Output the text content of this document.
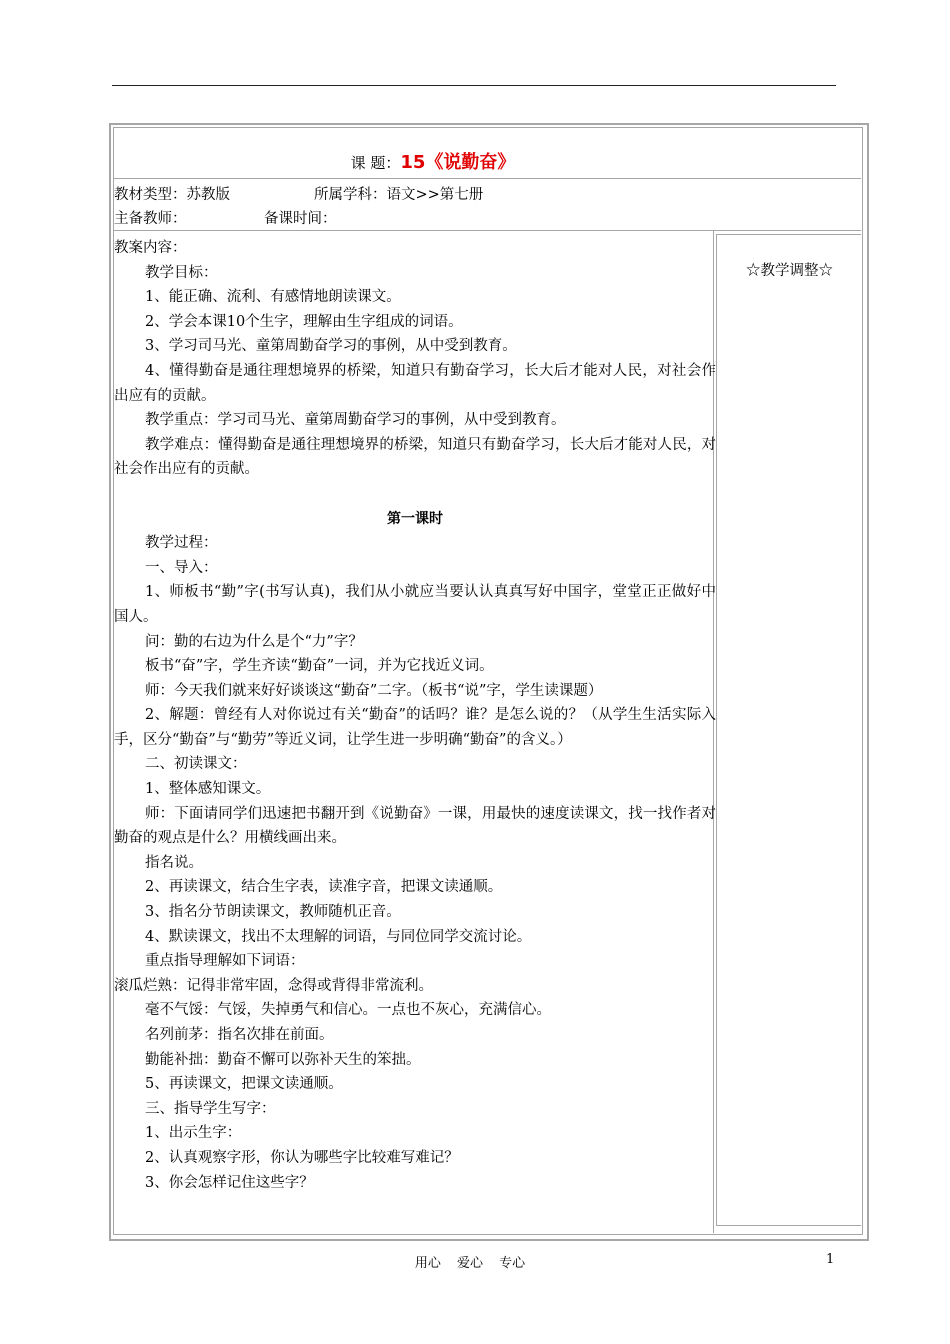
课 题：15《说勤奋》
教材类型：苏教版	所属学科：语文>>第七册
主备教师：	备课时间：
☆教学调整☆

教案内容：

教学目标：

1、能正确、流利、有感情地朗读课文。

2、学会本课10个生字，理解由生字组成的词语。

3、学习司马光、童第周勤奋学习的事例，从中受到教育。

4、懂得勤奋是通往理想境界的桥梁，知道只有勤奋学习，长大后才能对人民，对社会作出应有的贡献。

教学重点：学习司马光、童第周勤奋学习的事例，从中受到教育。

教学难点：懂得勤奋是通往理想境界的桥梁，知道只有勤奋学习，长大后才能对人民，对社会作出应有的贡献。

第一课时

教学过程：

一、导入：

1、师板书“勤”字(书写认真)，我们从小就应当要认认真真写好中国字，堂堂正正做好中国人。

问：勤的右边为什么是个“力”字？

板书“奋”字，学生齐读“勤奋”一词，并为它找近义词。

师：今天我们就来好好谈谈这“勤奋”二字。（板书“说”字，学生读课题）

2、解题：曾经有人对你说过有关“勤奋”的话吗？谁？是怎么说的？（从学生生活实际入手，区分“勤奋”与“勤劳”等近义词，让学生进一步明确“勤奋”的含义。）

二、初读课文：

1、整体感知课文。

师：下面请同学们迅速把书翻开到《说勤奋》一课，用最快的速度读课文，找一找作者对勤奋的观点是什么？用横线画出来。

指名说。

2、再读课文，结合生字表，读准字音，把课文读通顺。

3、指名分节朗读课文，教师随机正音。

4、默读课文，找出不太理解的词语，与同位同学交流讨论。

重点指导理解如下词语：

滚瓜烂熟：记得非常牢固，念得或背得非常流利。

毫不气馁：气馁，失掉勇气和信心。一点也不灰心，充满信心。

名列前茅：指名次排在前面。

勤能补拙：勤奋不懈可以弥补天生的笨拙。

5、再读课文，把课文读通顺。

三、指导学生写字：

1、出示生字：

2、认真观察字形，你认为哪些字比较难写难记？

3、你会怎样记住这些字？

用心 爱心 专心	1
